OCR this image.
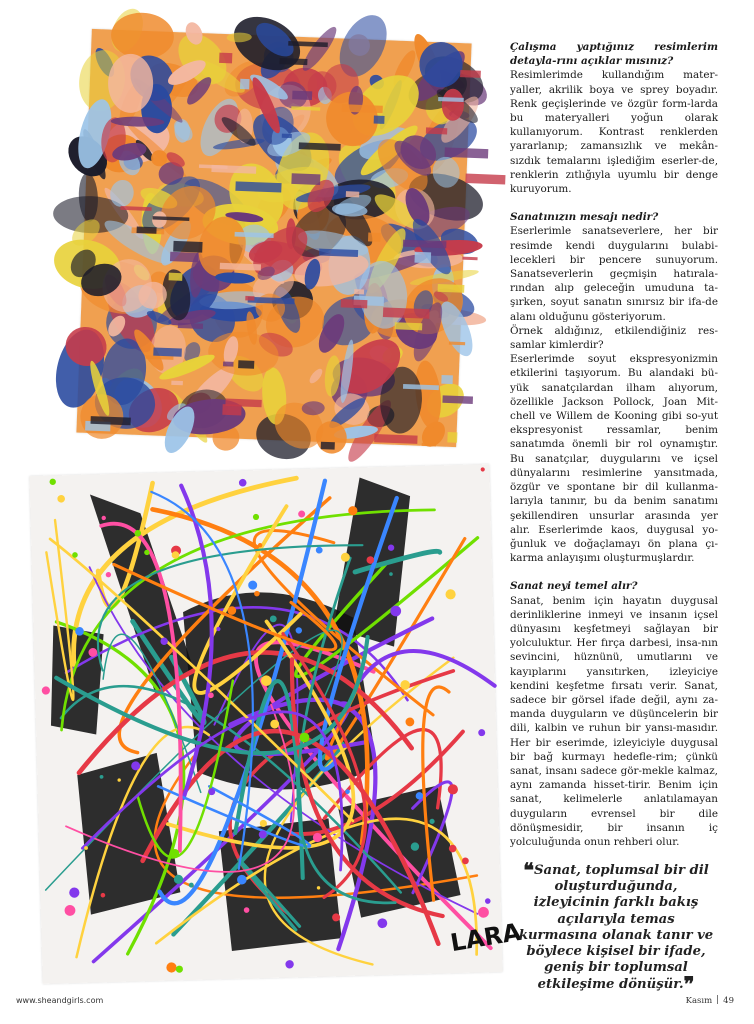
LARA

Çalışma yaptığınız resimlerim detayla-rını açıklar mısınız?

Resimlerimde kullandığım mater-yaller, akrilik boya ve sprey boyadır. Renk geçişlerinde ve özgür form-larda bu materyalleri yoğun olarak kullanıyorum. Kontrast renklerden yararlanıp; zamansızlık ve mekân-sızdık temalarını işlediğim eserler-de, renklerin zıtlığıyla uyumlu bir denge kuruyorum.

Sanatınızın mesajı nedir?

Eserlerimle sanatseverlere, her bir resimde kendi duygularını bulabi-lecekleri bir pencere sunuyorum. Sanatseverlerin geçmişin hatırala-rından alıp geleceğin umuduna ta-şırken, soyut sanatın sınırsız bir ifa-de alanı olduğunu gösteriyorum.

Örnek aldığınız, etkilendiğiniz res-samlar kimlerdir?

Eserlerimde soyut ekspresyonizmin etkilerini taşıyorum. Bu alandaki bü-yük sanatçılardan ilham alıyorum, özellikle Jackson Pollock, Joan Mit-chell ve Willem de Kooning gibi so-yut ekspresyonist ressamlar, benim sanatımda önemli bir rol oynamıştır. Bu sanatçılar, duygularını ve içsel dünyalarını resimlerine yansıtmada, özgür ve spontane bir dil kullanma-larıyla tanınır, bu da benim sanatımı şekillendiren unsurlar arasında yer alır. Eserlerimde kaos, duygusal yo-ğunluk ve doğaçlamayı ön plana çı-karma anlayışımı oluşturmuşlardır.

Sanat neyi temel alır?

Sanat, benim için hayatın duygusal derinliklerine inmeyi ve insanın içsel dünyasını keşfetmeyi sağlayan bir yolculuktur. Her fırça darbesi, insa-nın sevincini, hüznünü, umutlarını ve kayıplarını yansıtırken, izleyiciye kendini keşfetme fırsatı verir. Sanat, sadece bir görsel ifade değil, aynı za-manda duyguların ve düşüncelerin bir dili, kalbin ve ruhun bir yansı-masıdır. Her bir eserimde, izleyiciyle duygusal bir bağ kurmayı hedefle-rim; çünkü sanat, insanı sadece gör-mekle kalmaz, aynı zamanda hisset-tirir. Benim için sanat, kelimelerle anlatılamayan duyguların evrensel bir dile dönüşmesidir, bir insanın iç yolculuğunda onun rehberi olur.

❝Sanat, toplumsal bir dil oluşturduğunda, izleyicinin farklı bakış açılarıyla temas kurmasına olanak tanır ve böylece kişisel bir ifade, geniş bir toplumsal etkileşime dönüşür.❞
www.sheandgirls.com	Kasım 49
